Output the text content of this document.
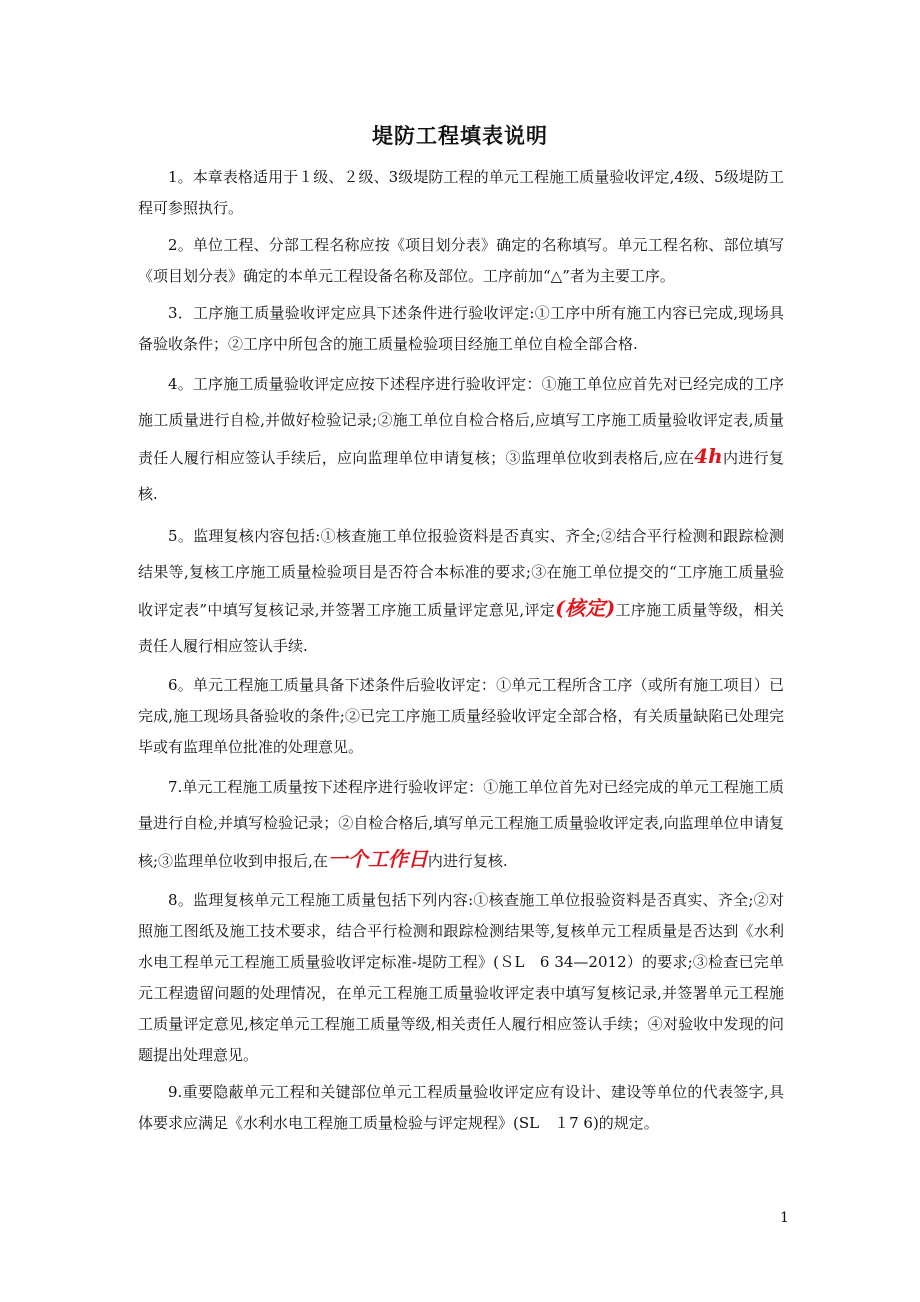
堤防工程填表说明

1。本章表格适用于１级、２级、3级堤防工程的单元工程施工质量验收评定,4级、5级堤防工程可参照执行。

2。单位工程、分部工程名称应按《项目划分表》确定的名称填写。单元工程名称、部位填写《项目划分表》确定的本单元工程设备名称及部位。工序前加“△”者为主要工序。

3．工序施工质量验收评定应具下述条件进行验收评定:①工序中所有施工内容已完成,现场具备验收条件；②工序中所包含的施工质量检验项目经施工单位自检全部合格.

4。工序施工质量验收评定应按下述程序进行验收评定：①施工单位应首先对已经完成的工序施工质量进行自检,并做好检验记录;②施工单位自检合格后,应填写工序施工质量验收评定表,质量责任人履行相应签认手续后，应向监理单位申请复核；③监理单位收到表格后,应在4h内进行复核.

5。监理复核内容包括:①核查施工单位报验资料是否真实、齐全;②结合平行检测和跟踪检测结果等,复核工序施工质量检验项目是否符合本标准的要求;③在施工单位提交的“工序施工质量验收评定表”中填写复核记录,并签署工序施工质量评定意见,评定(核定)工序施工质量等级，相关责任人履行相应签认手续.

6。单元工程施工质量具备下述条件后验收评定：①单元工程所含工序（或所有施工项目）已完成,施工现场具备验收的条件;②已完工序施工质量经验收评定全部合格，有关质量缺陷已处理完毕或有监理单位批准的处理意见。

7.单元工程施工质量按下述程序进行验收评定：①施工单位首先对已经完成的单元工程施工质量进行自检,并填写检验记录；②自检合格后,填写单元工程施工质量验收评定表,向监理单位申请复核;③监理单位收到申报后,在一个工作日内进行复核.

8。监理复核单元工程施工质量包括下列内容:①核查施工单位报验资料是否真实、齐全;②对照施工图纸及施工技术要求，结合平行检测和跟踪检测结果等,复核单元工程质量是否达到《水利水电工程单元工程施工质量验收评定标准-堤防工程》(ＳL　6 34—2012）的要求;③检查已完单元工程遗留问题的处理情况，在单元工程施工质量验收评定表中填写复核记录,并签署单元工程施工质量评定意见,核定单元工程施工质量等级,相关责任人履行相应签认手续；④对验收中发现的问题提出处理意见。

9.重要隐蔽单元工程和关键部位单元工程质量验收评定应有设计、建设等单位的代表签字,具体要求应满足《水利水电工程施工质量检验与评定规程》(SL　１7 6)的规定。

1
